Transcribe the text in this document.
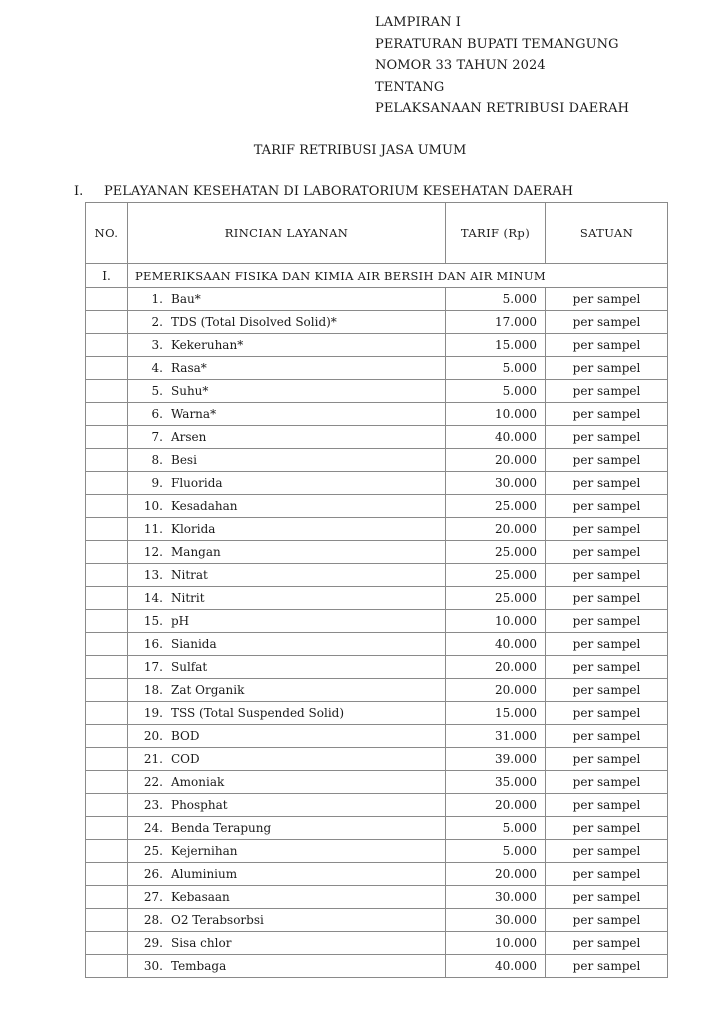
LAMPIRAN I
PERATURAN BUPATI TEMANGUNG
NOMOR 33 TAHUN 2024
TENTANG
PELAKSANAAN RETRIBUSI DAERAH
TARIF RETRIBUSI JASA UMUM
I. PELAYANAN KESEHATAN DI LABORATORIUM KESEHATAN DAERAH
NO.	RINCIAN LAYANAN	TARIF (Rp)	SATUAN
I.	PEMERIKSAAN FISIKA DAN KIMIA AIR BERSIH DAN AIR MINUM		
	1. Bau*	5.000	per sampel
	2. TDS (Total Disolved Solid)*	17.000	per sampel
	3. Kekeruhan*	15.000	per sampel
	4. Rasa*	5.000	per sampel
	5. Suhu*	5.000	per sampel
	6. Warna*	10.000	per sampel
	7. Arsen	40.000	per sampel
	8. Besi	20.000	per sampel
	9. Fluorida	30.000	per sampel
	10. Kesadahan	25.000	per sampel
	11. Klorida	20.000	per sampel
	12. Mangan	25.000	per sampel
	13. Nitrat	25.000	per sampel
	14. Nitrit	25.000	per sampel
	15. pH	10.000	per sampel
	16. Sianida	40.000	per sampel
	17. Sulfat	20.000	per sampel
	18. Zat Organik	20.000	per sampel
	19. TSS (Total Suspended Solid)	15.000	per sampel
	20. BOD	31.000	per sampel
	21. COD	39.000	per sampel
	22. Amoniak	35.000	per sampel
	23. Phosphat	20.000	per sampel
	24. Benda Terapung	5.000	per sampel
	25. Kejernihan	5.000	per sampel
	26. Aluminium	20.000	per sampel
	27. Kebasaan	30.000	per sampel
	28. O2 Terabsorbsi	30.000	per sampel
	29. Sisa chlor	10.000	per sampel
	30. Tembaga	40.000	per sampel
